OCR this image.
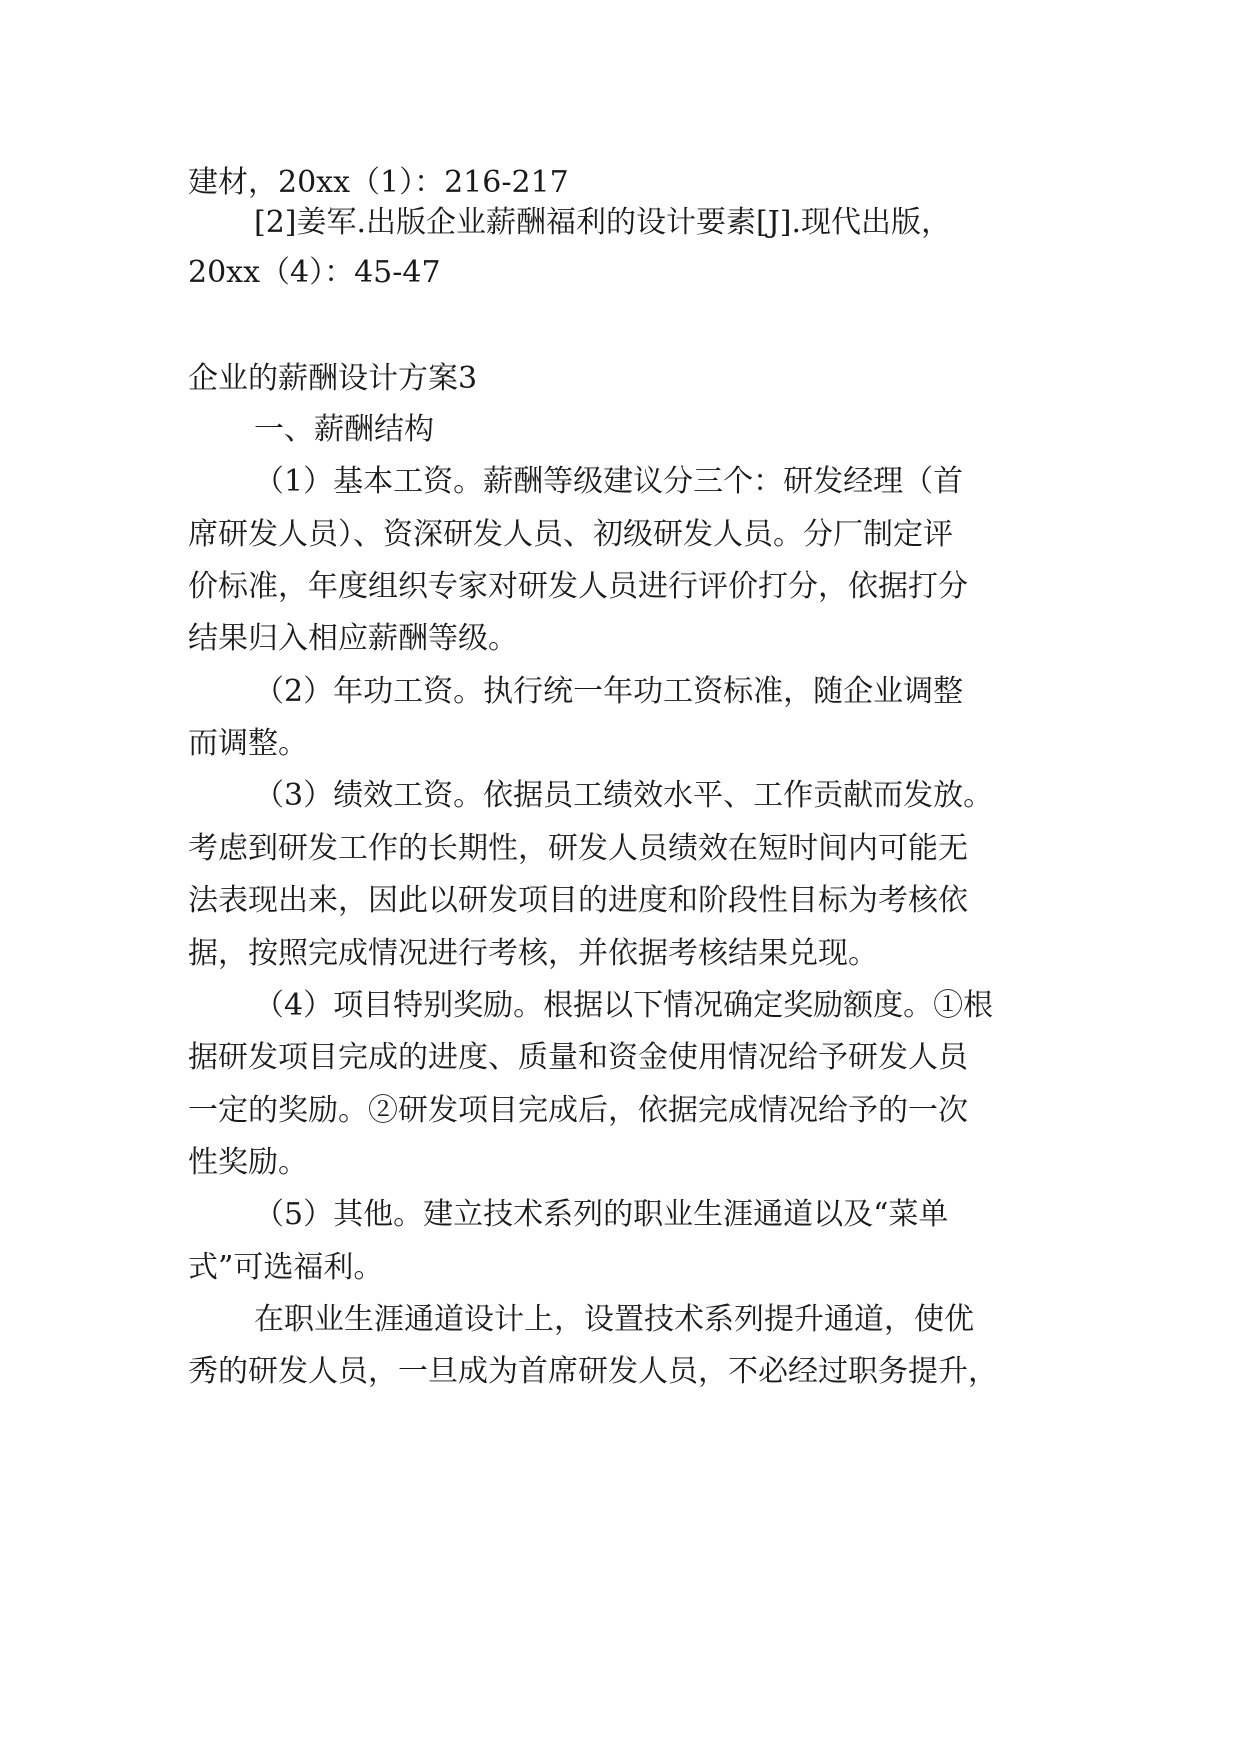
建材，20xx（1）：216-217
[2]姜军.出版企业薪酬福利的设计要素[J].现代出版，
20xx（4）：45-47
企业的薪酬设计方案3
一、薪酬结构
（1）基本工资。薪酬等级建议分三个：研发经理（首
席研发人员）、资深研发人员、初级研发人员。分厂制定评
价标准，年度组织专家对研发人员进行评价打分，依据打分
结果归入相应薪酬等级。
（2）年功工资。执行统一年功工资标准，随企业调整
而调整。
（3）绩效工资。依据员工绩效水平、工作贡献而发放。
考虑到研发工作的长期性，研发人员绩效在短时间内可能无
法表现出来，因此以研发项目的进度和阶段性目标为考核依
据，按照完成情况进行考核，并依据考核结果兑现。
（4）项目特别奖励。根据以下情况确定奖励额度。①根
据研发项目完成的进度、质量和资金使用情况给予研发人员
一定的奖励。②研发项目完成后，依据完成情况给予的一次
性奖励。
（5）其他。建立技术系列的职业生涯通道以及“菜单
式”可选福利。
在职业生涯通道设计上，设置技术系列提升通道，使优
秀的研发人员，一旦成为首席研发人员，不必经过职务提升，
